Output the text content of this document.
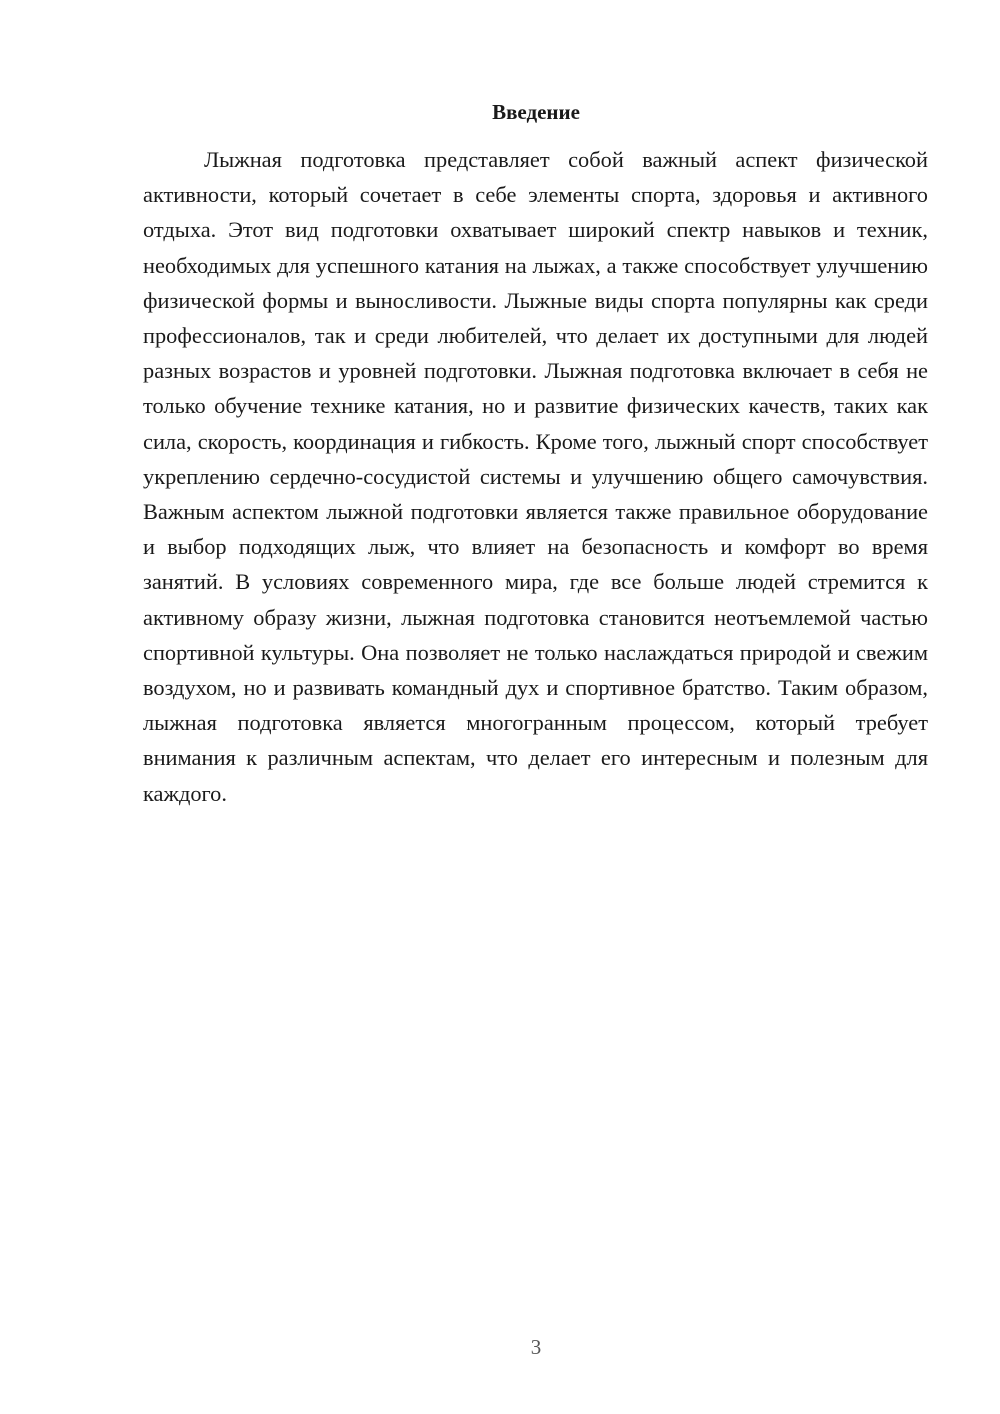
Введение

Лыжная подготовка представляет собой важный аспект физической активности, который сочетает в себе элементы спорта, здоровья и активного отдыха. Этот вид подготовки охватывает широкий спектр навыков и техник, необходимых для успешного катания на лыжах, а также способствует улучшению физической формы и выносливости. Лыжные виды спорта популярны как среди профессионалов, так и среди любителей, что делает их доступными для людей разных возрастов и уровней подготовки. Лыжная подготовка включает в себя не только обучение технике катания, но и развитие физических качеств, таких как сила, скорость, координация и гибкость. Кроме того, лыжный спорт способствует укреплению сердечно-сосудистой системы и улучшению общего самочувствия. Важным аспектом лыжной подготовки является также правильное оборудование и выбор подходящих лыж, что влияет на безопасность и комфорт во время занятий. В условиях современного мира, где все больше людей стремится к активному образу жизни, лыжная подготовка становится неотъемлемой частью спортивной культуры. Она позволяет не только наслаждаться природой и свежим воздухом, но и развивать командный дух и спортивное братство. Таким образом, лыжная подготовка является многогранным процессом, который требует внимания к различным аспектам, что делает его интересным и полезным для каждого.

3
